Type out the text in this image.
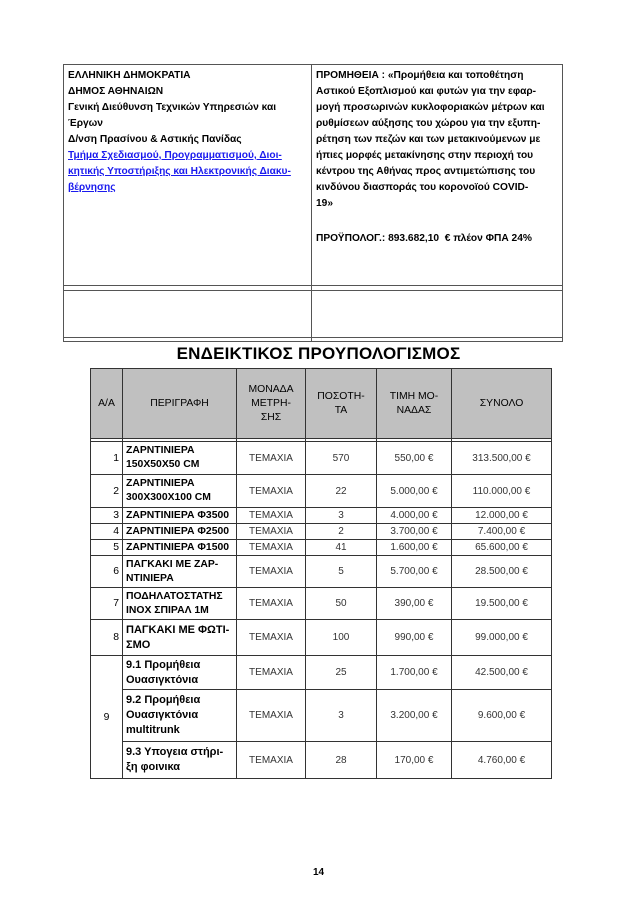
ΕΛΛΗΝΙΚΗ ΔΗΜΟΚΡΑΤΙΑ
ΔΗΜΟΣ ΑΘΗΝΑΙΩΝ
Γενική Διεύθυνση Τεχνικών Υπηρεσιών και
Έργων
Δ/νση Πρασίνου & Αστικής Πανίδας
Τμήμα Σχεδιασμού, Προγραμματισμού, Διοι-
κητικής Υποστήριξης και Ηλεκτρονικής Διακυ-
βέρνησης
ΠΡΟΜΗΘΕΙΑ : «Προμήθεια και τοποθέτηση
Αστικού Εξοπλισμού και φυτών για την εφαρ-
μογή προσωρινών κυκλοφοριακών μέτρων και
ρυθμίσεων αύξησης του χώρου για την εξυπη-
ρέτηση των πεζών και των μετακινούμενων με
ήπιες μορφές μετακίνησης στην περιοχή του
κέντρου της Αθήνας προς αντιμετώπισης του
κινδύνου διασποράς του κορονοϊού COVID-
19»
ΠΡΟΫΠΟΛΟΓ.: 893.682,10  € πλέον ΦΠΑ 24%
ΕΝΔΕΙΚΤΙΚΟΣ ΠΡΟΥΠΟΛΟΓΙΣΜΟΣ
Α/Α	ΠΕΡΙΓΡΑΦΗ	ΜΟΝΑΔΑ
ΜΕΤΡΗ-
ΣΗΣ	ΠΟΣΟΤΗ-
ΤΑ	ΤΙΜΗ ΜΟ-
ΝΑΔΑΣ	ΣΥΝΟΛΟ

1	ΖΑΡΝΤΙΝΙΕΡΑ
150Χ50Χ50 CM	ΤΕΜΑΧΙΑ	570	550,00 €	313.500,00 €
2	ΖΑΡΝΤΙΝΙΕΡΑ
300Χ300Χ100 CM	ΤΕΜΑΧΙΑ	22	5.000,00 €	110.000,00 €
3	ΖΑΡΝΤΙΝΙΕΡΑ Φ3500	ΤΕΜΑΧΙΑ	3	4.000,00 €	12.000,00 €
4	ΖΑΡΝΤΙΝΙΕΡΑ Φ2500	ΤΕΜΑΧΙΑ	2	3.700,00 €	7.400,00 €
5	ΖΑΡΝΤΙΝΙΕΡΑ Φ1500	ΤΕΜΑΧΙΑ	41	1.600,00 €	65.600,00 €
6	ΠΑΓΚΑΚΙ ΜΕ ΖΑΡ-
ΝΤΙΝΙΕΡΑ	ΤΕΜΑΧΙΑ	5	5.700,00 €	28.500,00 €
7	ΠΟΔΗΛΑΤΟΣΤΑΤΗΣ
ΙΝΟΧ ΣΠΙΡΑΛ 1Μ	ΤΕΜΑΧΙΑ	50	390,00 €	19.500,00 €
8	ΠΑΓΚΑΚΙ ΜΕ ΦΩΤΙ-
ΣΜΟ	ΤΕΜΑΧΙΑ	100	990,00 €	99.000,00 €
9	9.1 Προμήθεια
Ουασιγκτόνια	ΤΕΜΑΧΙΑ	25	1.700,00 €	42.500,00 €
	9.2 Προμήθεια
Ουασιγκτόνια
multitrunk	ΤΕΜΑΧΙΑ	3	3.200,00 €	9.600,00 €
	9.3 Υπογεια στήρι-
ξη φοινικα	ΤΕΜΑΧΙΑ	28	170,00 €	4.760,00 €
14
